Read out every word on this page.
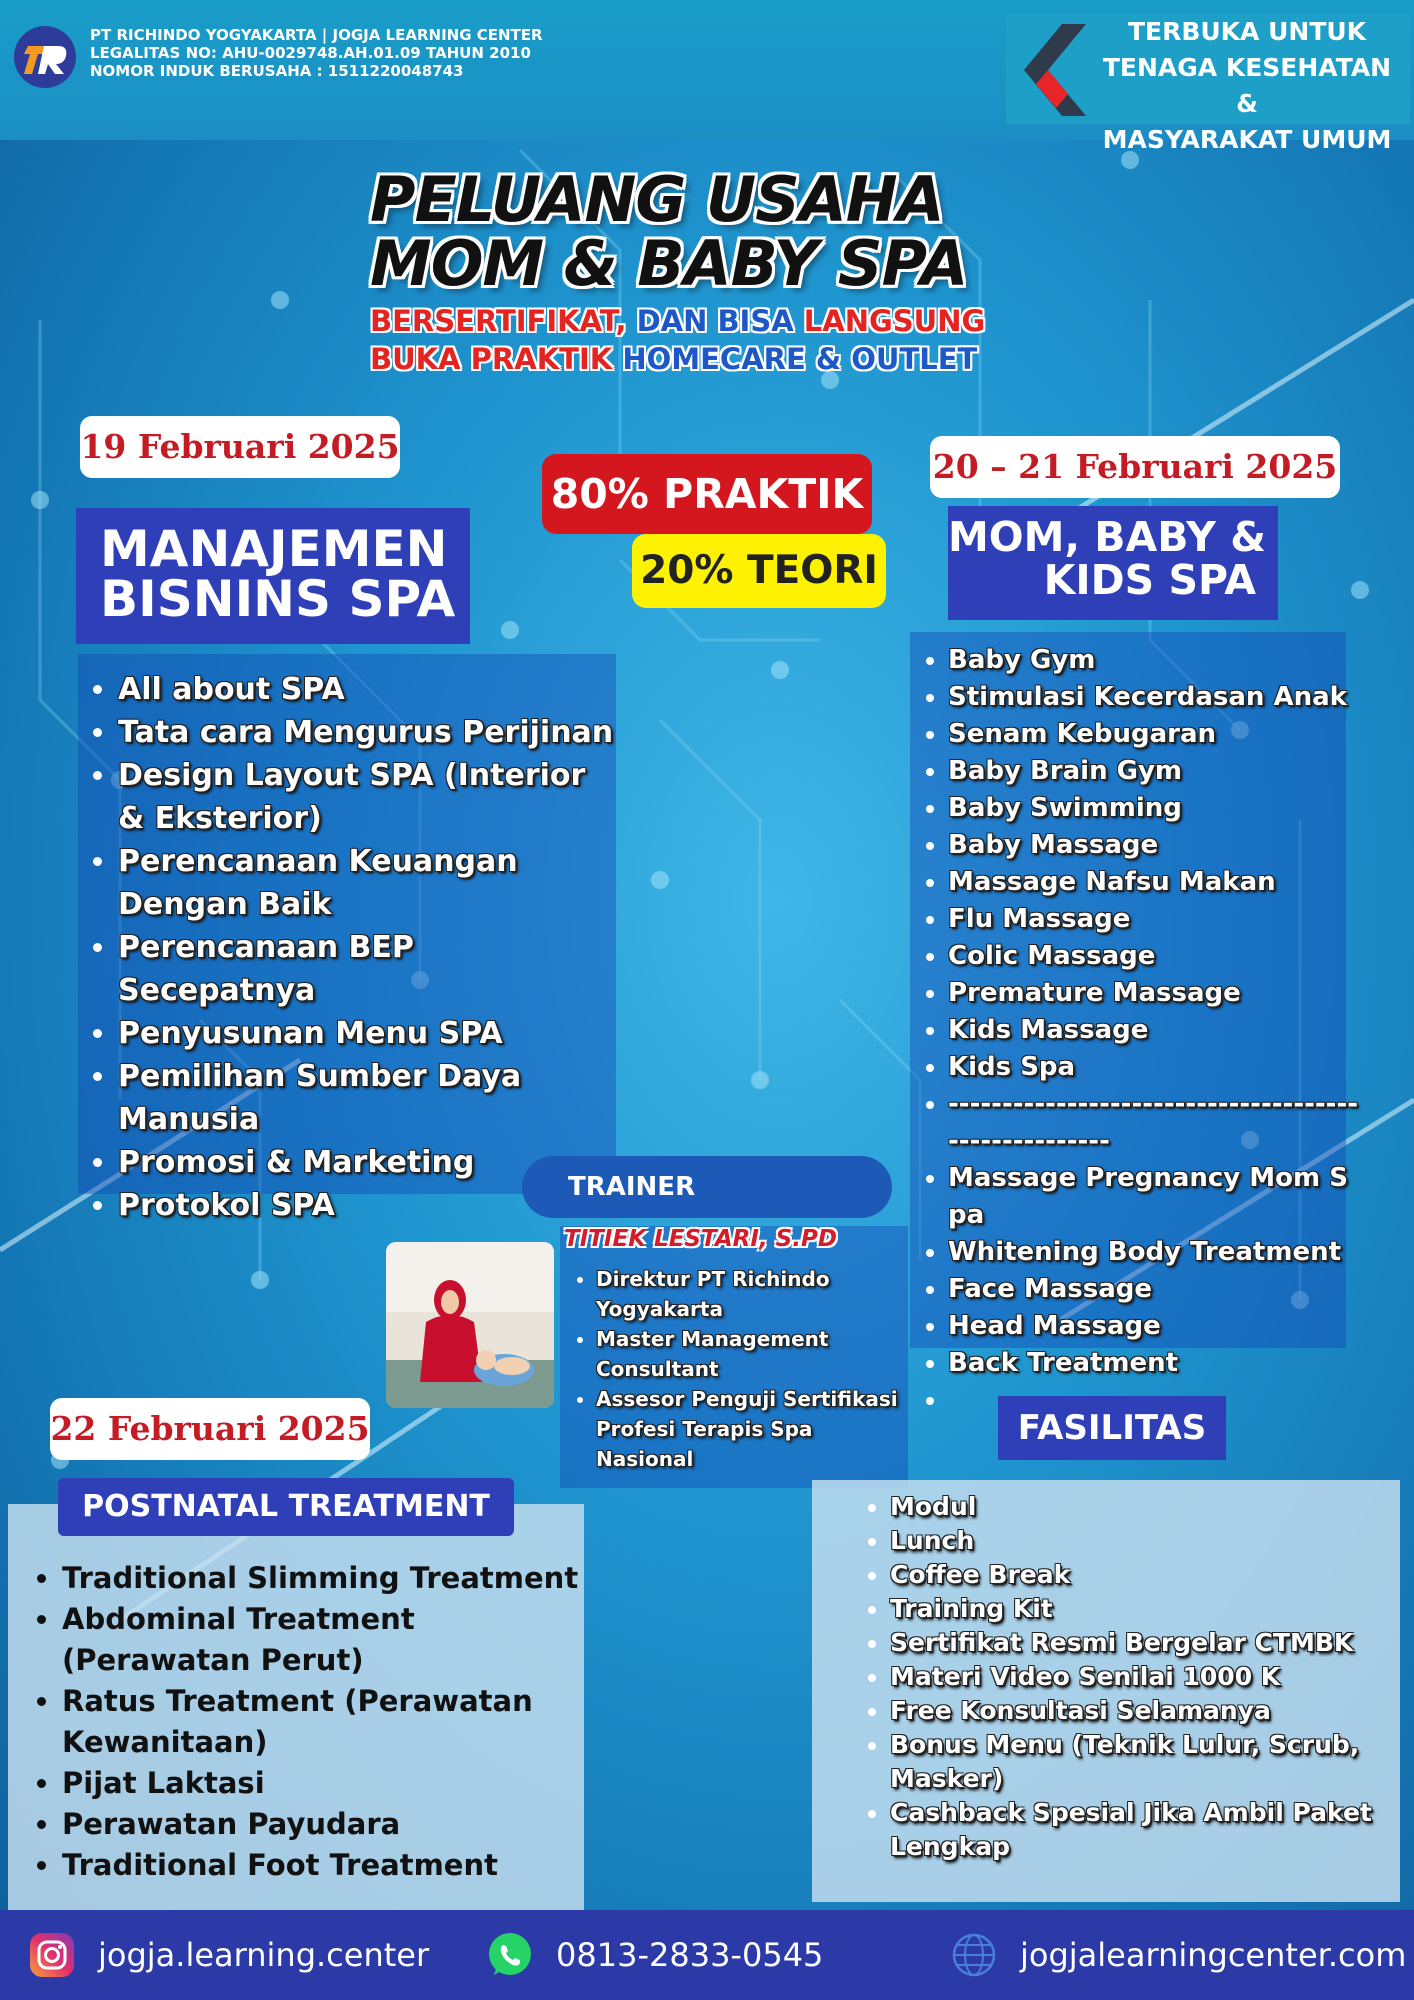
PT RICHINDO YOGYAKARTA | JOGJA LEARNING CENTER
LEGALITAS NO: AHU-0029748.AH.01.09 TAHUN 2010
NOMOR INDUK BERUSAHA : 1511220048743
TERBUKA UNTUK
TENAGA KESEHATAN &
MASYARAKAT UMUM
PELUANG USAHA
MOM & BABY SPA
BERSERTIFIKAT, DAN BISA LANGSUNG
BUKA PRAKTIK HOMECARE & OUTLET
19 Februari 2025
MANAJEMEN
BISNINS SPA
• All about SPA
• Tata cara Mengurus Perijinan
• Design Layout SPA (Interior & Eksterior)
• Perencanaan Keuangan Dengan Baik
• Perencanaan BEP Secepatnya
• Penyusunan Menu SPA
• Pemilihan Sumber Daya Manusia
• Promosi & Marketing
• Protokol SPA
80% PRAKTIK
20% TEORI
20 – 21 Februari 2025
MOM, BABY &
KIDS SPA
• Baby Gym
• Stimulasi Kecerdasan Anak
• Senam Kebugaran
• Baby Brain Gym
• Baby Swimming
• Baby Massage
• Massage Nafsu Makan
• Flu Massage
• Colic Massage
• Premature Massage
• Kids Massage
• Kids Spa
• -----------------------------------------------------
• Massage Pregnancy Mom Spa
• Whitening Body Treatment
• Face Massage
• Head Massage
• Back Treatment
•
TRAINER
TITIEK LESTARI, S.PD
• Direktur PT Richindo Yogyakarta
• Master Management Consultant
• Assesor Penguji Sertifikasi Profesi Terapis Spa Nasional
22 Februari 2025
POSTNATAL TREATMENT
• Traditional Slimming Treatment
• Abdominal Treatment (Perawatan Perut)
• Ratus Treatment (Perawatan Kewanitaan)
• Pijat Laktasi
• Perawatan Payudara
• Traditional Foot Treatment
FASILITAS
• Modul
• Lunch
• Coffee Break
• Training Kit
• Sertifikat Resmi Bergelar CTMBK
• Materi Video Senilai 1000 K
• Free Konsultasi Selamanya
• Bonus Menu (Teknik Lulur, Scrub, Masker)
• Cashback Spesial Jika Ambil Paket Lengkap
jogja.learning.center	0813-2833-0545	jogjalearningcenter.com
